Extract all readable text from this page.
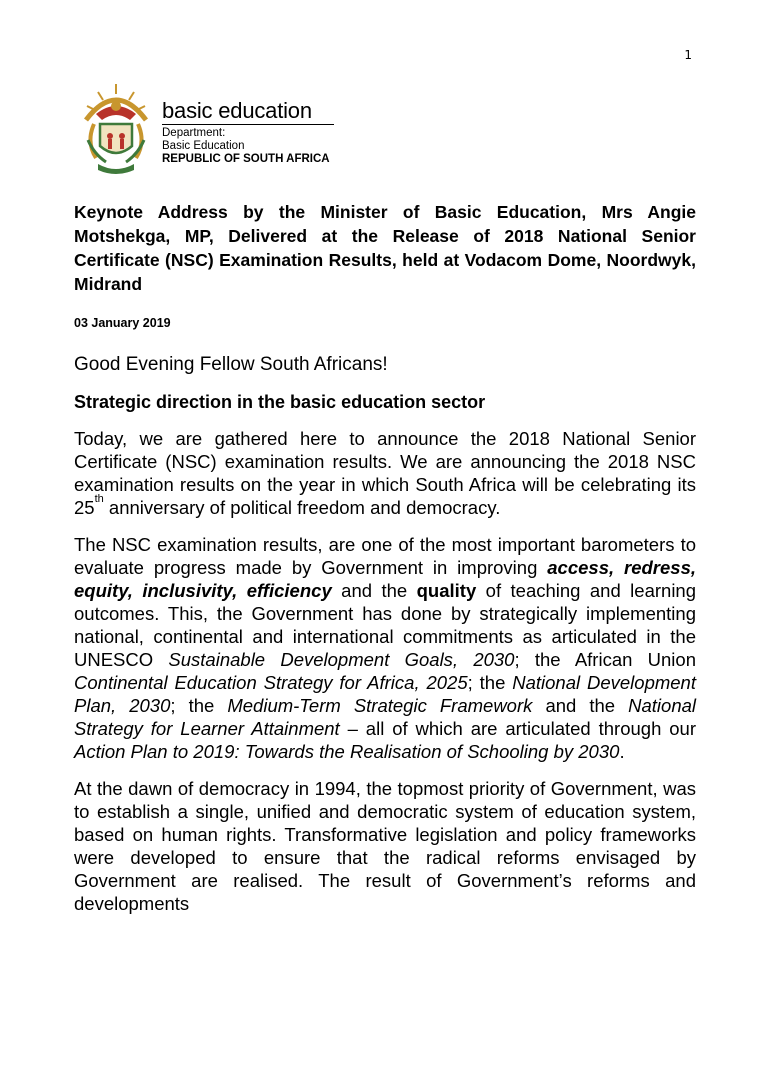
1
basic education
Department:
Basic Education
REPUBLIC OF SOUTH AFRICA

Keynote Address by the Minister of Basic Education, Mrs Angie Motshekga, MP, Delivered at the Release of 2018 National Senior Certificate (NSC) Examination Results, held at Vodacom Dome, Noordwyk, Midrand

03 January 2019

Good Evening Fellow South Africans!

Strategic direction in the basic education sector

Today, we are gathered here to announce the 2018 National Senior Certificate (NSC) examination results. We are announcing the 2018 NSC examination results on the year in which South Africa will be celebrating its 25th anniversary of political freedom and democracy.

The NSC examination results, are one of the most important barometers to evaluate progress made by Government in improving access, redress, equity, inclusivity, efficiency and the quality of teaching and learning outcomes. This, the Government has done by strategically implementing national, continental and international commitments as articulated in the UNESCO Sustainable Development Goals, 2030; the African Union Continental Education Strategy for Africa, 2025; the National Development Plan, 2030; the Medium-Term Strategic Framework and the National Strategy for Learner Attainment – all of which are articulated through our Action Plan to 2019: Towards the Realisation of Schooling by 2030.

At the dawn of democracy in 1994, the topmost priority of Government, was to establish a single, unified and democratic system of education system, based on human rights. Transformative legislation and policy frameworks were developed to ensure that the radical reforms envisaged by Government are realised. The result of Government’s reforms and developments
